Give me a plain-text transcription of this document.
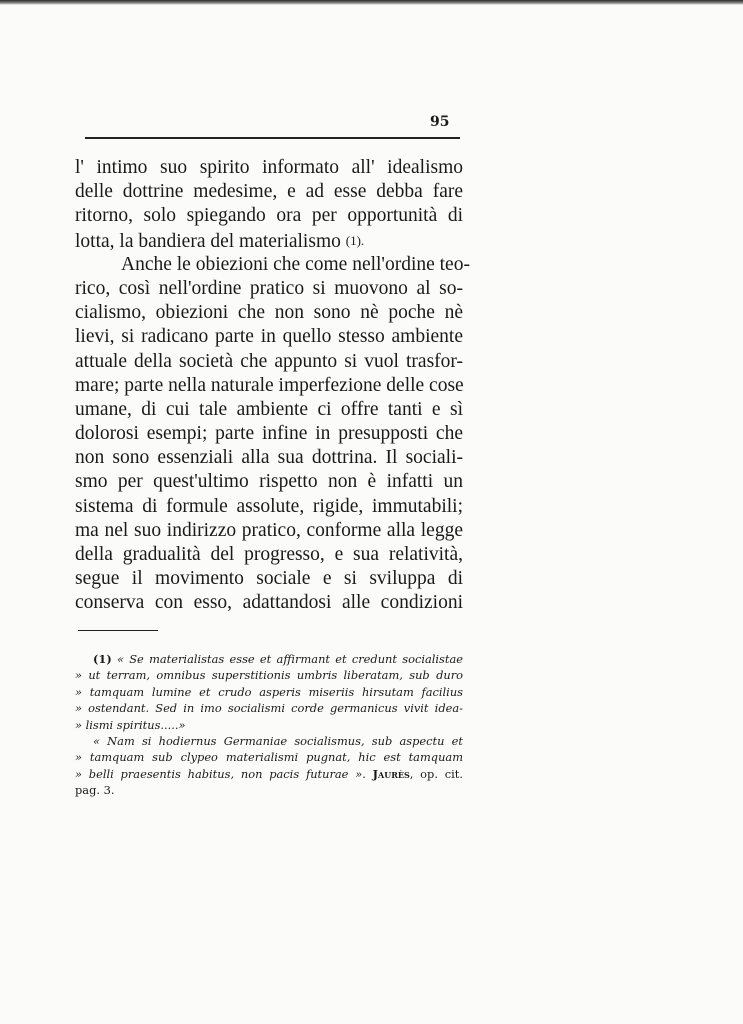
95
l' intimo suo spirito informato all' idealismo
delle dottrine medesime, e ad esse debba fare
ritorno, solo spiegando ora per opportunità di
lotta, la bandiera del materialismo (1).
Anche le obiezioni che come nell'ordine teo-
rico, così nell'ordine pratico si muovono al so-
cialismo, obiezioni che non sono nè poche nè
lievi, si radicano parte in quello stesso ambiente
attuale della società che appunto si vuol trasfor-
mare; parte nella naturale imperfezione delle cose
umane, di cui tale ambiente ci offre tanti e sì
dolorosi esempi; parte infine in presupposti che
non sono essenziali alla sua dottrina. Il sociali-
smo per quest'ultimo rispetto non è infatti un
sistema di formule assolute, rigide, immutabili;
ma nel suo indirizzo pratico, conforme alla legge
della gradualità del progresso, e sua relatività,
segue il movimento sociale e si sviluppa di
conserva con esso, adattandosi alle condizioni
(1) « Se materialistas esse et affirmant et credunt socialistae
» ut terram, omnibus superstitionis umbris liberatam, sub duro
» tamquam lumine et crudo asperis miseriis hirsutam facilius
» ostendant. Sed in imo socialismi corde germanicus vivit idea-
» lismi spiritus.....»
« Nam si hodiernus Germaniae socialismus, sub aspectu et
» tamquam sub clypeo materialismi pugnat, hic est tamquam
» belli praesentis habitus, non pacis futurae ». Jaurès, op. cit.
pag. 3.
